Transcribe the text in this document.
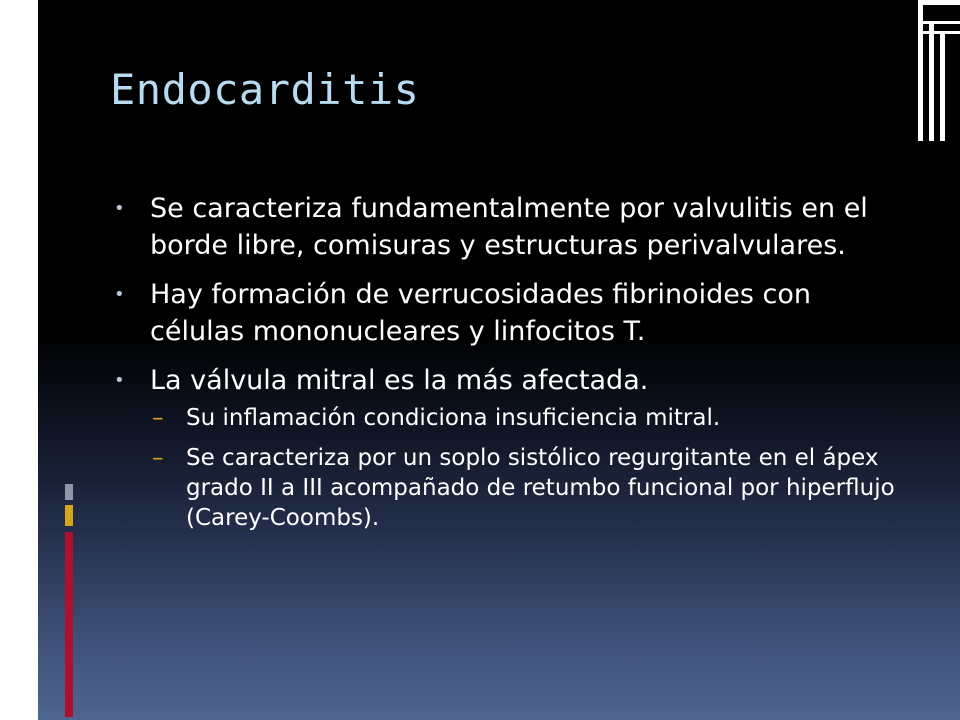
Endocarditis
• Se caracteriza fundamentalmente por valvulitis en el borde libre, comisuras y estructuras perivalvulares.
• Hay formación de verrucosidades fibrinoides con células mononucleares y linfocitos T.
• La válvula mitral es la más afectada.
– Su inflamación condiciona insuficiencia mitral.
– Se caracteriza por un soplo sistólico regurgitante en el ápex grado II a III acompañado de retumbo funcional por hiperflujo (Carey-Coombs).
